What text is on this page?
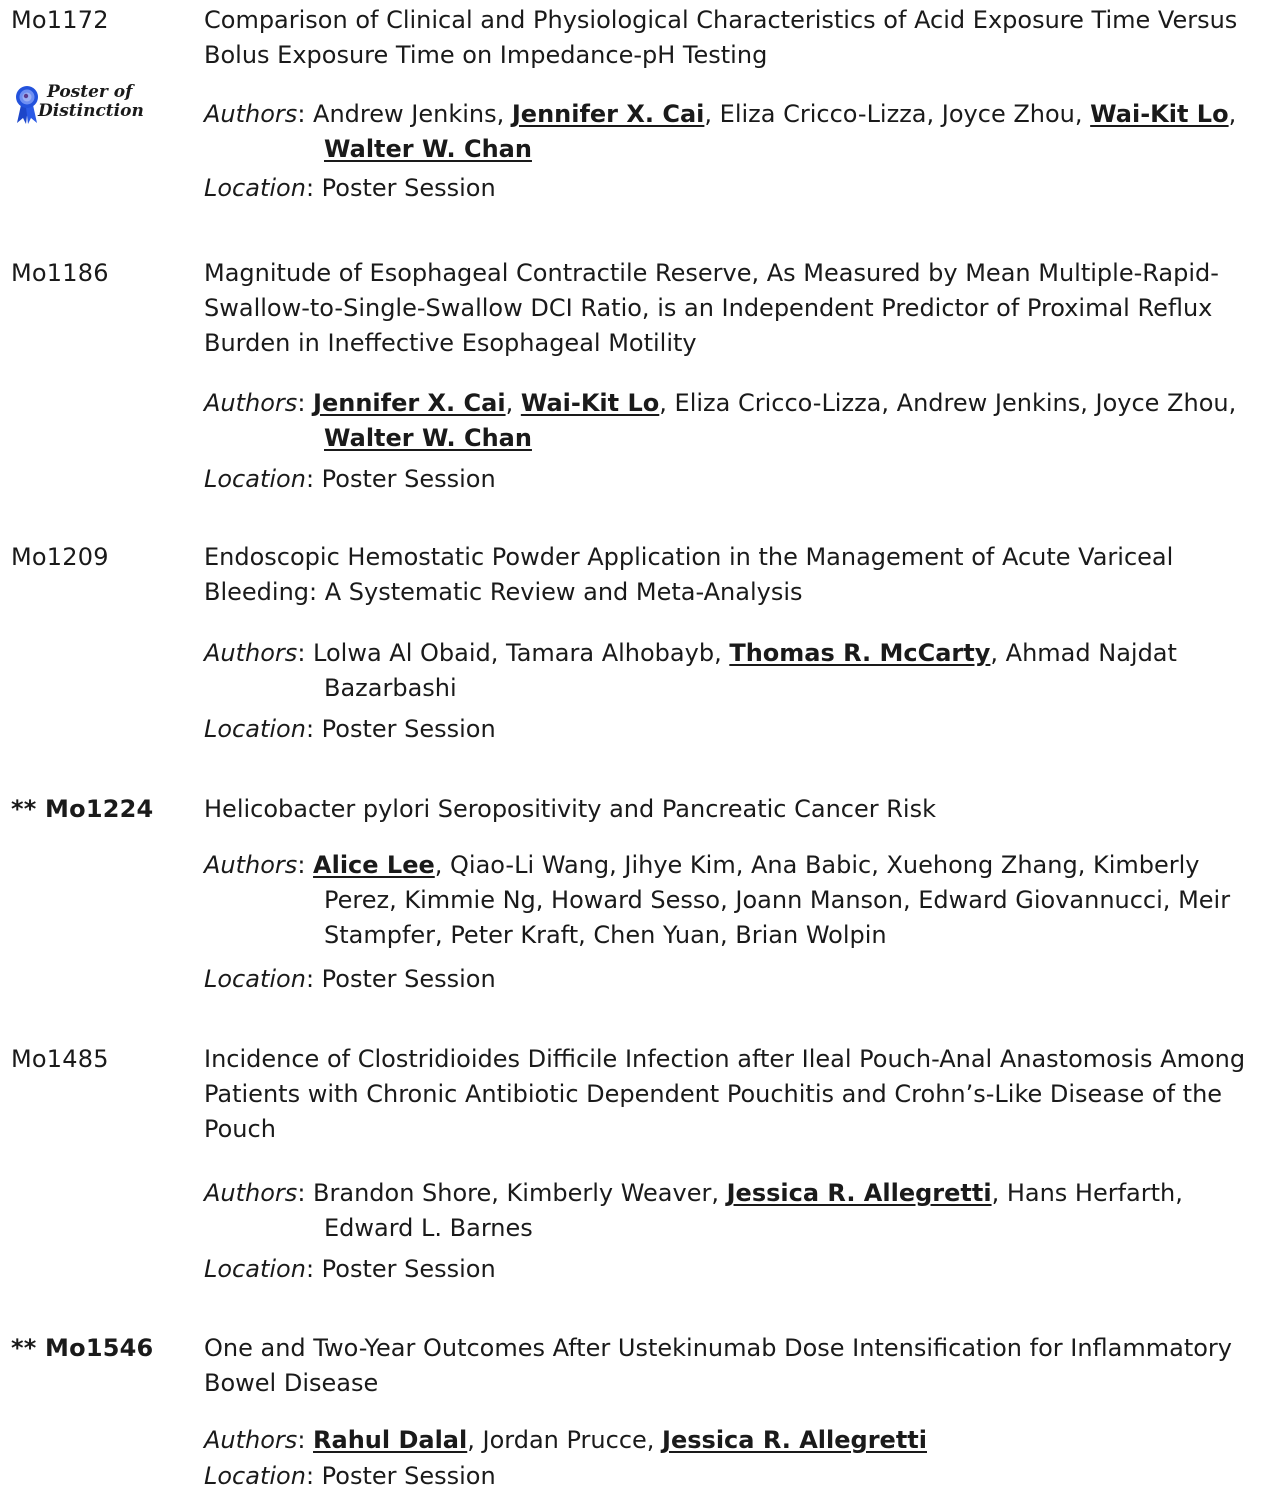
Mo1172	Comparison of Clinical and Physiological Characteristics of Acid Exposure Time Versus Bolus Exposure Time on Impedance-pH Testing
Poster of
Distinction	Authors: Andrew Jenkins, Jennifer X. Cai, Eliza Cricco-Lizza, Joyce Zhou, Wai-Kit Lo, Walter W. Chan
Location: Poster Session
Mo1186	Magnitude of Esophageal Contractile Reserve, As Measured by Mean Multiple-Rapid-Swallow-to-Single-Swallow DCI Ratio, is an Independent Predictor of Proximal Reflux Burden in Ineffective Esophageal Motility
Authors: Jennifer X. Cai, Wai-Kit Lo, Eliza Cricco-Lizza, Andrew Jenkins, Joyce Zhou, Walter W. Chan
Location: Poster Session
Mo1209	Endoscopic Hemostatic Powder Application in the Management of Acute Variceal Bleeding: A Systematic Review and Meta-Analysis
Authors: Lolwa Al Obaid, Tamara Alhobayb, Thomas R. McCarty, Ahmad Najdat Bazarbashi
Location: Poster Session
** Mo1224 Helicobacter pylori Seropositivity and Pancreatic Cancer Risk
Authors: Alice Lee, Qiao-Li Wang, Jihye Kim, Ana Babic, Xuehong Zhang, Kimberly Perez, Kimmie Ng, Howard Sesso, Joann Manson, Edward Giovannucci, Meir Stampfer, Peter Kraft, Chen Yuan, Brian Wolpin
Location: Poster Session
Mo1485	Incidence of Clostridioides Difficile Infection after Ileal Pouch-Anal Anastomosis Among Patients with Chronic Antibiotic Dependent Pouchitis and Crohn’s-Like Disease of the Pouch
Authors: Brandon Shore, Kimberly Weaver, Jessica R. Allegretti, Hans Herfarth, Edward L. Barnes
Location: Poster Session
** Mo1546 One and Two-Year Outcomes After Ustekinumab Dose Intensification for Inflammatory Bowel Disease
Authors: Rahul Dalal, Jordan Prucce, Jessica R. Allegretti
Location: Poster Session
